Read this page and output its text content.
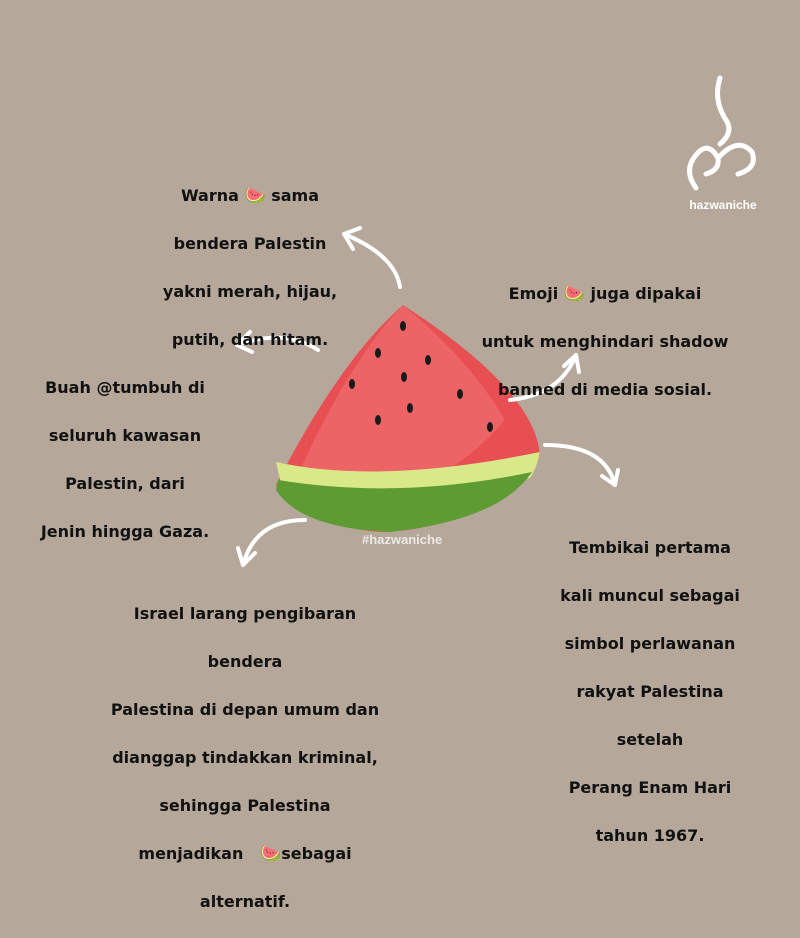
hazwaniche

Warna 🍉 sama

bendera Palestin

yakni merah, hijau,

putih, dan hitam.

Emoji 🍉 juga dipakai

untuk menghindari shadow

banned di media sosial.

Buah @tumbuh di

seluruh kawasan

Palestin, dari

Jenin hingga Gaza.

Israel larang pengibaran

bendera

Palestina di depan umum dan

dianggap tindakkan kriminal,

sehingga Palestina

menjadikan 🍉sebagai

alternatif.

Tembikai pertama

kali muncul sebagai

simbol perlawanan

rakyat Palestina

setelah

Perang Enam Hari

tahun 1967.

#hazwaniche
